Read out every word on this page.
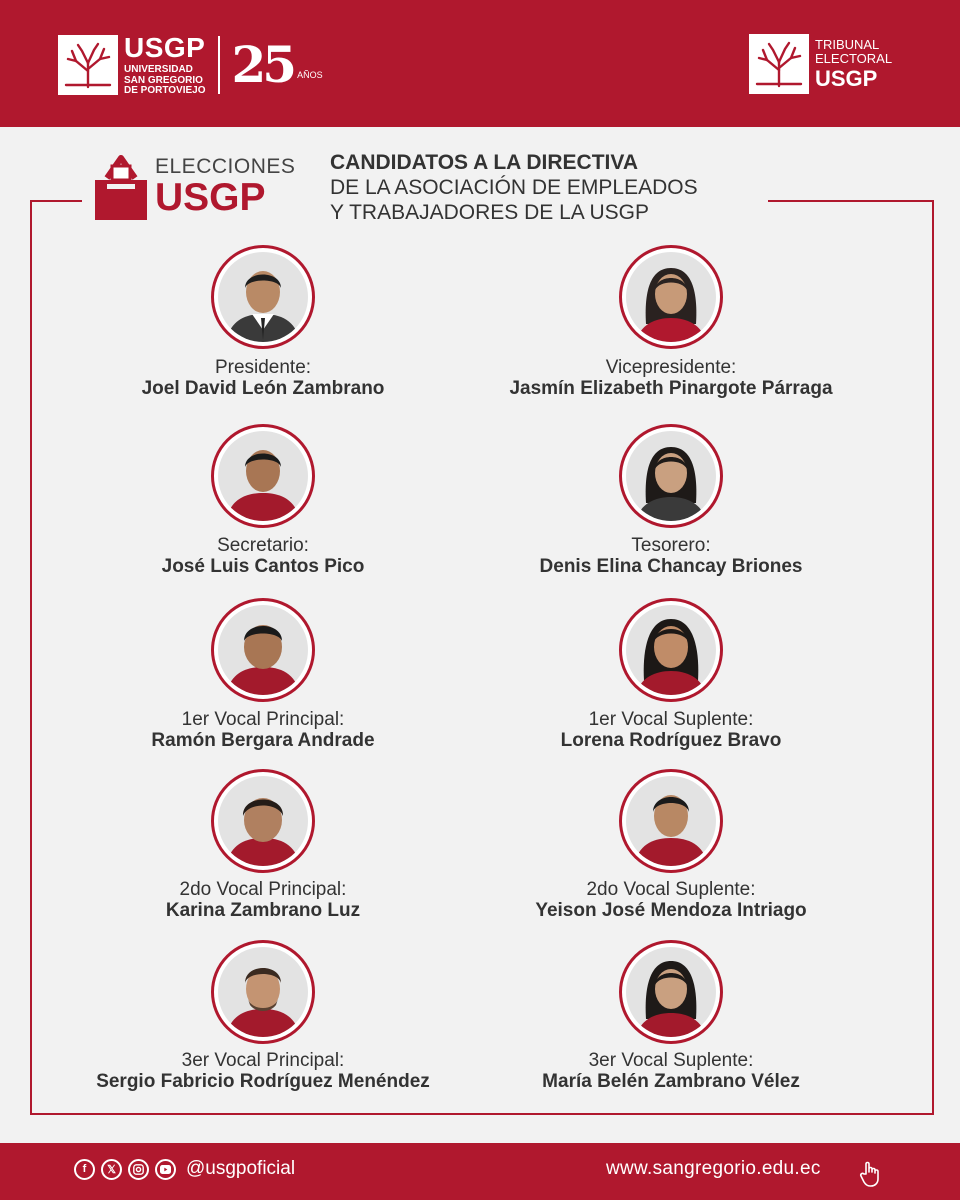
USGP
UNIVERSIDAD
SAN GREGORIO
DE PORTOVIEJO 25 AÑOS
TRIBUNAL
ELECTORAL
USGP
ELECCIONES
USGP
CANDIDATOS A LA DIRECTIVA
DE LA ASOCIACIÓN DE EMPLEADOS
Y TRABAJADORES DE LA USGP
Presidente:
Joel David León Zambrano
Vicepresidente:
Jasmín Elizabeth Pinargote Párraga
Secretario:
José Luis Cantos Pico
Tesorero:
Denis Elina Chancay Briones
1er Vocal Principal:
Ramón Bergara Andrade
1er Vocal Suplente:
Lorena Rodríguez Bravo
2do Vocal Principal:
Karina Zambrano Luz
2do Vocal Suplente:
Yeison José Mendoza Intriago
3er Vocal Principal:
Sergio Fabricio Rodríguez Menéndez
3er Vocal Suplente:
María Belén Zambrano Vélez
f	𝕏	@usgpoficial	www.sangregorio.edu.ec
